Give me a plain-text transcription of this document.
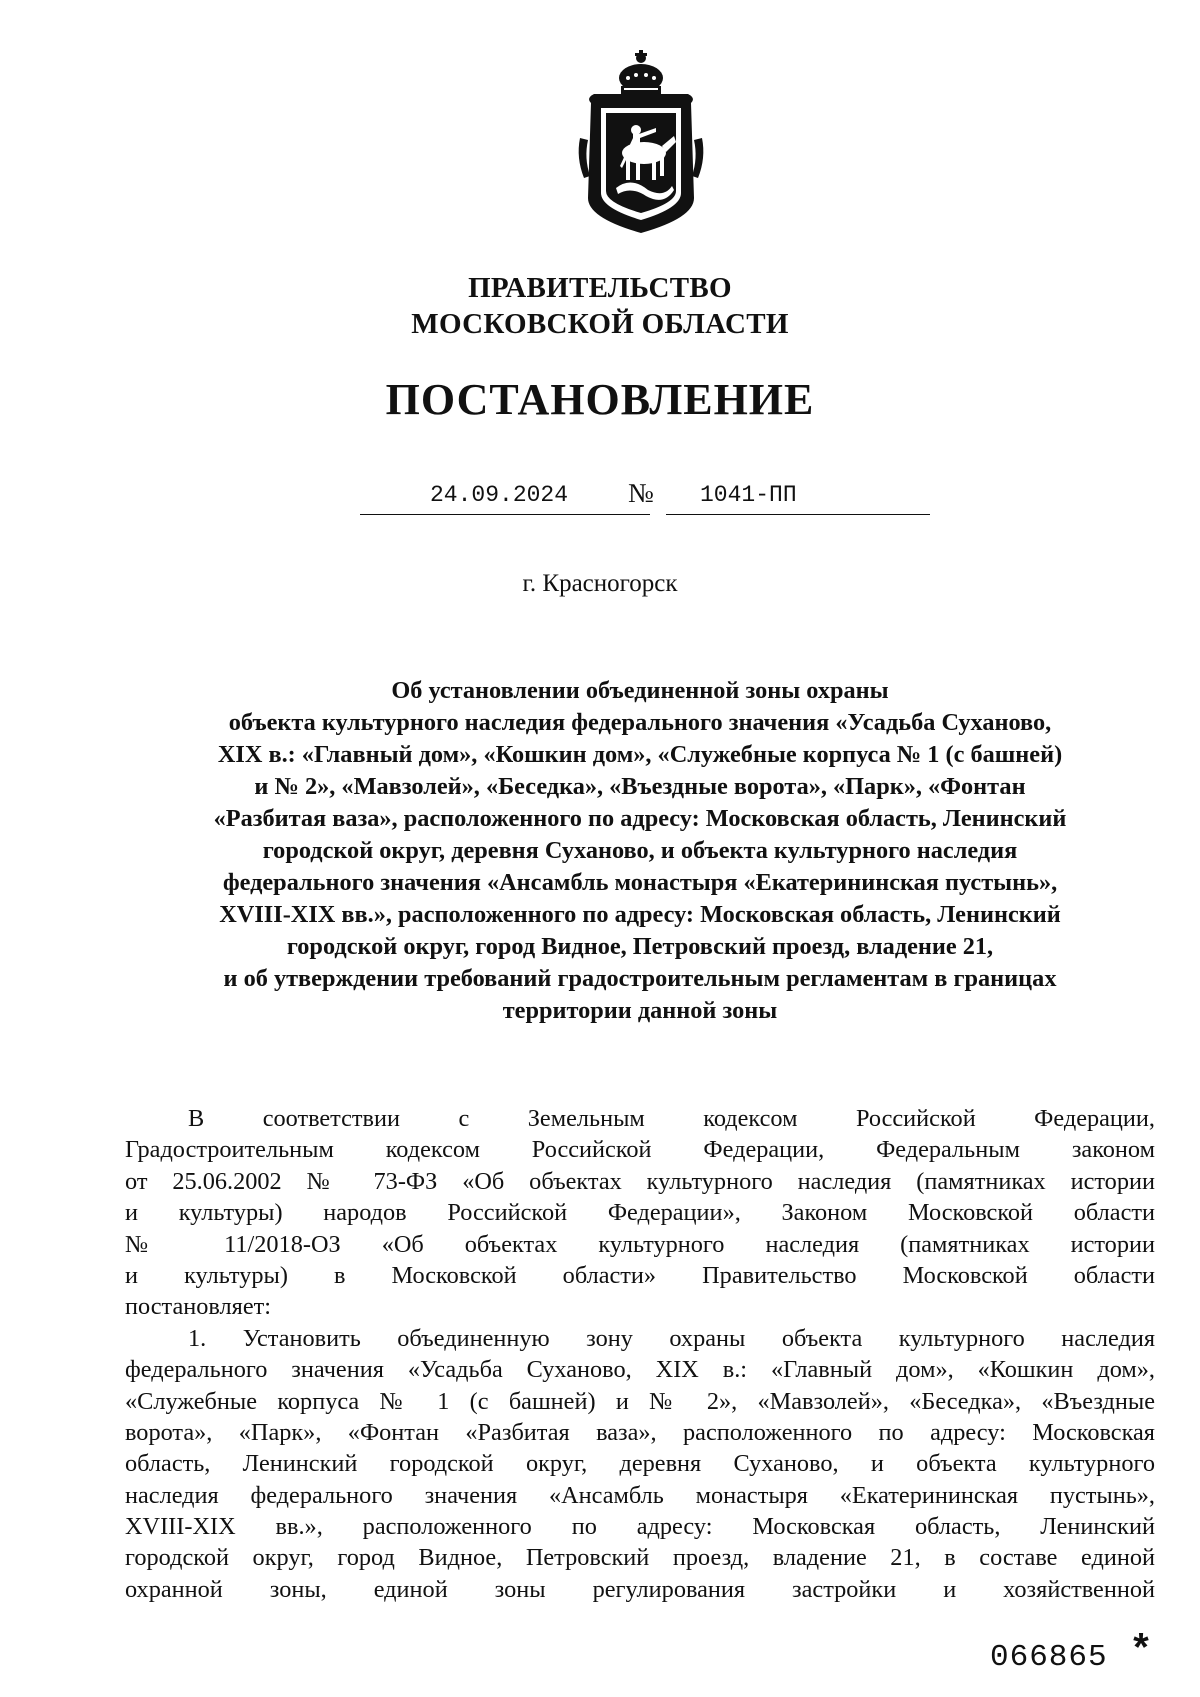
ПРАВИТЕЛЬСТВО
МОСКОВСКОЙ ОБЛАСТИ
ПОСТАНОВЛЕНИЕ
24.09.2024 № 1041-ПП
г. Красногорск
Об установлении объединенной зоны охраны
объекта культурного наследия федерального значения «Усадьба Суханово,
XIX в.: «Главный дом», «Кошкин дом», «Служебные корпуса № 1 (с башней)
и № 2», «Мавзолей», «Беседка», «Въездные ворота», «Парк», «Фонтан
«Разбитая ваза», расположенного по адресу: Московская область, Ленинский
городской округ, деревня Суханово, и объекта культурного наследия
федерального значения «Ансамбль монастыря «Екатерининская пустынь»,
XVIII-XIX вв.», расположенного по адресу: Московская область, Ленинский
городской округ, город Видное, Петровский проезд, владение 21,
и об утверждении требований градостроительным регламентам в границах
территории данной зоны
В соответствии с Земельным кодексом Российской Федерации,
Градостроительным кодексом Российской Федерации, Федеральным законом
от 25.06.2002 № 73-ФЗ «Об объектах культурного наследия (памятниках истории
и культуры) народов Российской Федерации», Законом Московской области
№ 11/2018-ОЗ «Об объектах культурного наследия (памятниках истории
и культуры) в Московской области» Правительство Московской области
постановляет:
1. Установить объединенную зону охраны объекта культурного наследия
федерального значения «Усадьба Суханово, XIX в.: «Главный дом», «Кошкин дом»,
«Служебные корпуса № 1 (с башней) и № 2», «Мавзолей», «Беседка», «Въездные
ворота», «Парк», «Фонтан «Разбитая ваза», расположенного по адресу: Московская
область, Ленинский городской округ, деревня Суханово, и объекта культурного
наследия федерального значения «Ансамбль монастыря «Екатерининская пустынь»,
XVIII-XIX вв.», расположенного по адресу: Московская область, Ленинский
городской округ, город Видное, Петровский проезд, владение 21, в составе единой
охранной зоны, единой зоны регулирования застройки и хозяйственной
066865 *
